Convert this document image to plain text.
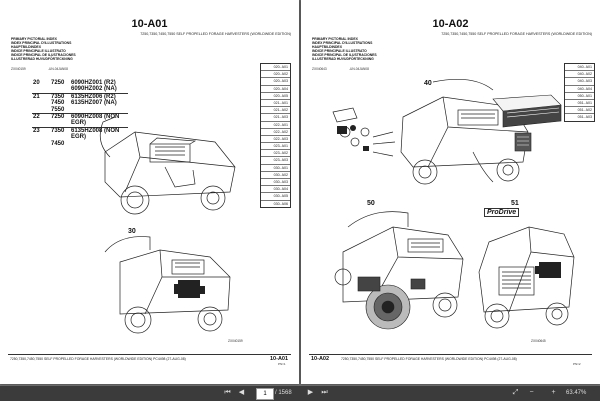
10-A01
7250,7350,7450,7550 SELF PROPELLED FORAGE HARVESTERS (WORLDWIDE EDITION)
PRIMARY PICTORIAL INDEX
INDEX PRINCIPAL D'ILLUSTRATIONS
HAUPTBILDINDEX
INDICE PRINCIPALE ILLUSTRATO
INDICE PRINCIPAL DE ILUSTRACIONES
ILLUSTRERAD HUVUDFÖRTECKNING
ZX040159	-UN-04JAN08
20	7250	6090HZ001 (R2)
		6090HZ002 (NA)
21	7350	6135HZ006 (R2)
	7450	6135HZ007 (NA)
	7550	
22	7250	6090HZ008 (NON EGR)
23	7350	6135HZ008 (NON EGR)
	7450	
020- A01
020- A02
020- A03
020- A04
020- A05
021- A01
021- A02
021- A03
022- A01
022- A02
022- A03
023- A01
023- A02
023- A03
030- A01
030- A02
030- A03
030- A04
030- A05
030- A06
30
ZX040159
7250,7350,7450,7550 SELF PROPELLED FORAGE HARVESTERS (WORLDWIDE EDITION) PC4498 (27-AUG-08)	10-A01
PN=1
10-A02
7250,7350,7450,7550 SELF PROPELLED FORAGE HARVESTERS (WORLDWIDE EDITION)
PRIMARY PICTORIAL INDEX
INDEX PRINCIPAL D'ILLUSTRATIONS
HAUPTBILDINDEX
INDICE PRINCIPALE ILLUSTRATO
INDICE PRINCIPAL DE ILUSTRACIONES
ILLUSTRERAD HUVUDFÖRTECKNING
ZX040643	-UN-04JAN08	040- A01
040- A02
040- A03
040- A04
050- A01
051- A01
051- A02
051- A03
40
50	51
ProDrive
ZX040645
10-A02	7250,7350,7450,7550 SELF PROPELLED FORAGE HARVESTERS (WORLDWIDE EDITION) PC4498 (27-AUG-08)
PN=2
⏮	◀	1	/ 1568	▶	⏭	⤢	−	+	63.47%
